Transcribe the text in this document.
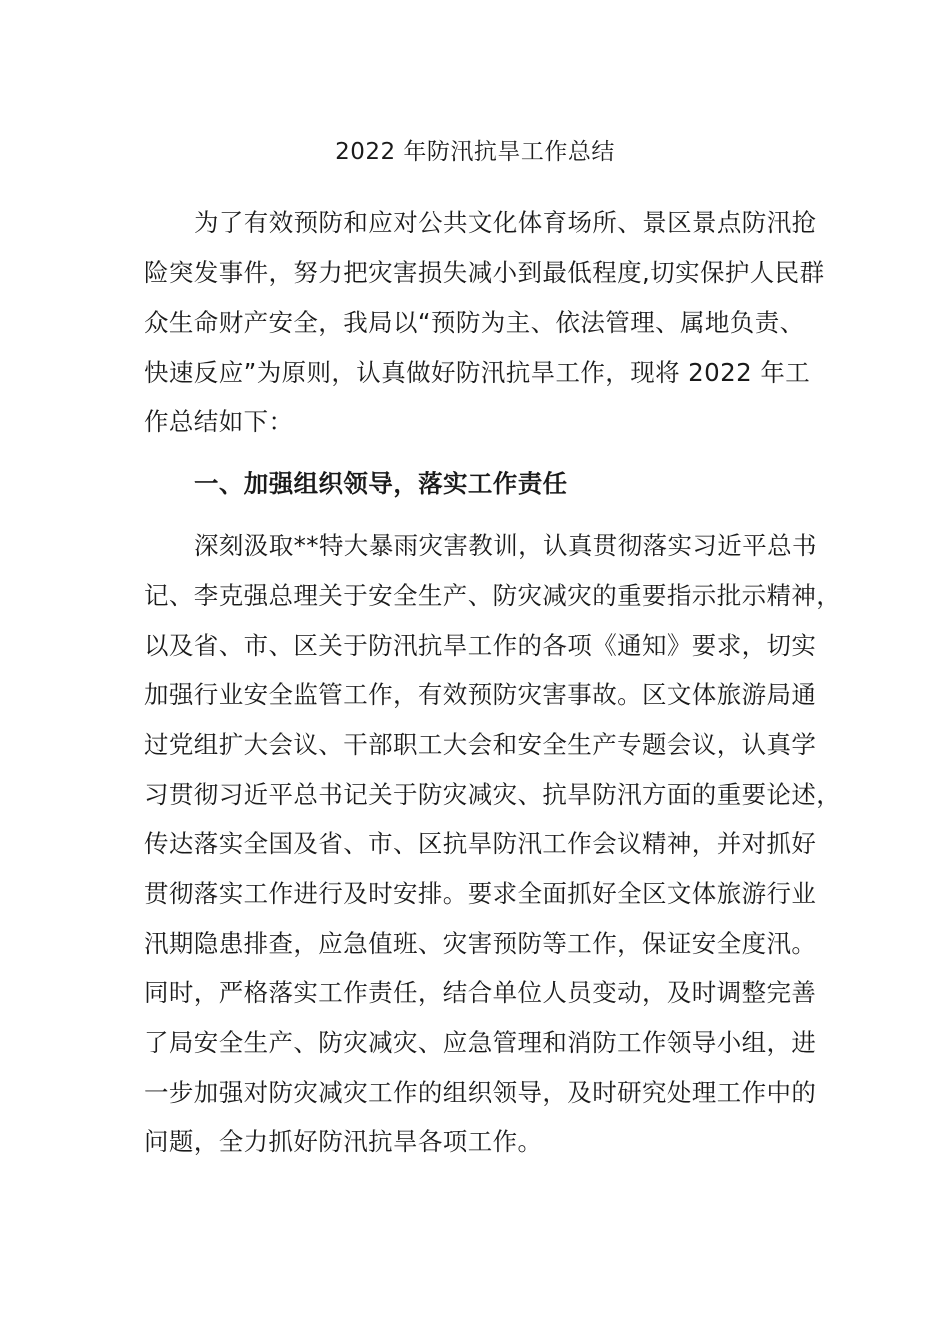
2022 年防汛抗旱工作总结
为了有效预防和应对公共文化体育场所、景区景点防汛抢
险突发事件，努力把灾害损失减小到最低程度,切实保护人民群
众生命财产安全，我局以“预防为主、依法管理、属地负责、
快速反应”为原则，认真做好防汛抗旱工作，现将 2022 年工
作总结如下：
一、加强组织领导，落实工作责任
深刻汲取**特大暴雨灾害教训，认真贯彻落实习近平总书
记、李克强总理关于安全生产、防灾减灾的重要指示批示精神，
以及省、市、区关于防汛抗旱工作的各项《通知》要求，切实
加强行业安全监管工作，有效预防灾害事故。区文体旅游局通
过党组扩大会议、干部职工大会和安全生产专题会议，认真学
习贯彻习近平总书记关于防灾减灾、抗旱防汛方面的重要论述，
传达落实全国及省、市、区抗旱防汛工作会议精神，并对抓好
贯彻落实工作进行及时安排。要求全面抓好全区文体旅游行业
汛期隐患排查，应急值班、灾害预防等工作，保证安全度汛。
同时，严格落实工作责任，结合单位人员变动，及时调整完善
了局安全生产、防灾减灾、应急管理和消防工作领导小组，进
一步加强对防灾减灾工作的组织领导，及时研究处理工作中的
问题，全力抓好防汛抗旱各项工作。
